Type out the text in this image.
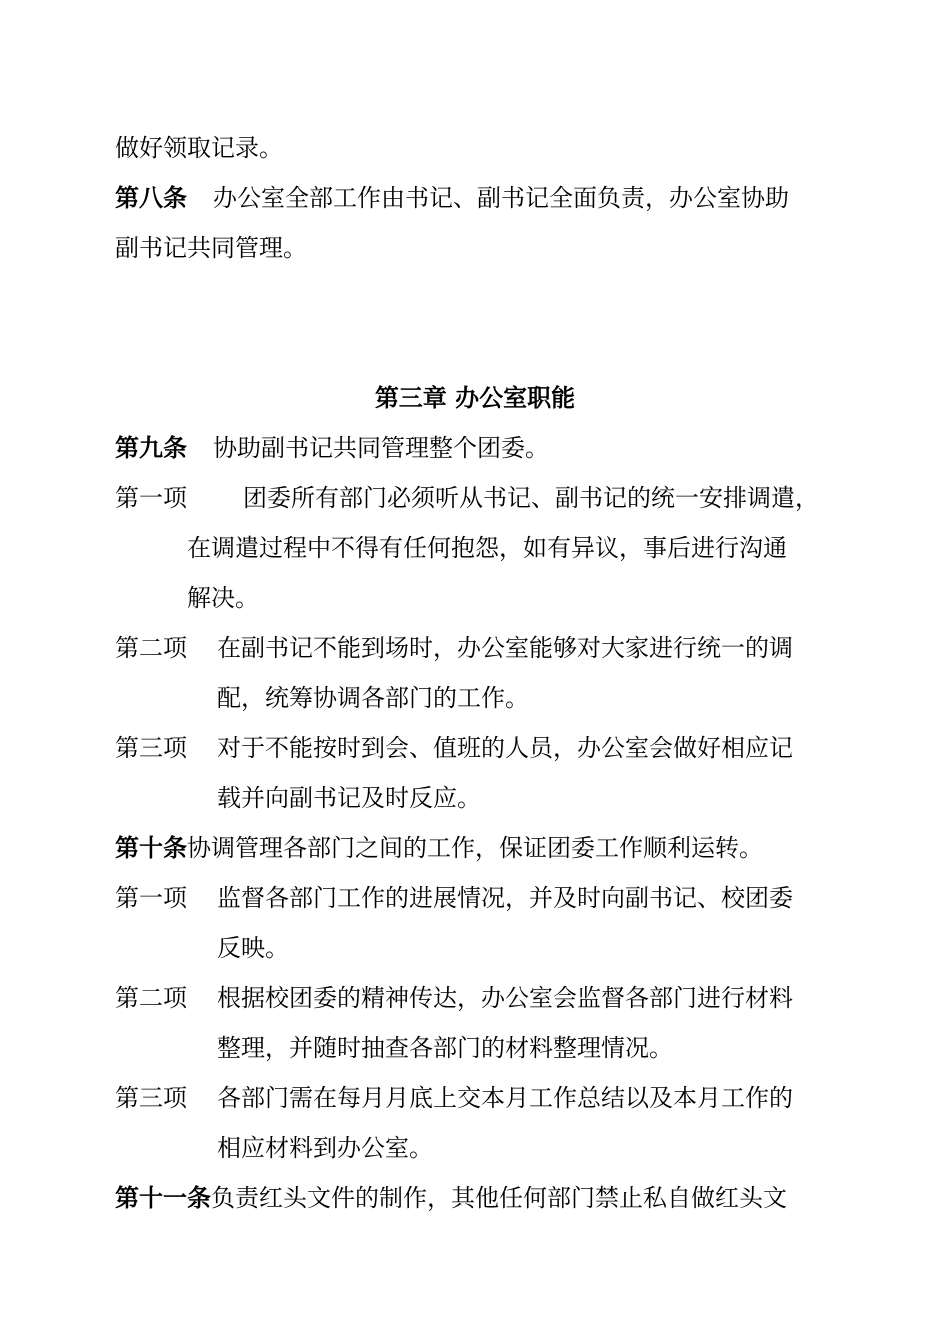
做好领取记录。
第八条 办公室全部工作由书记、副书记全面负责，办公室协助
副书记共同管理。
第三章 办公室职能
第九条 协助副书记共同管理整个团委。
第一项 团委所有部门必须听从书记、副书记的统一安排调遣，
在调遣过程中不得有任何抱怨，如有异议，事后进行沟通
解决。
第二项 在副书记不能到场时，办公室能够对大家进行统一的调
配，统筹协调各部门的工作。
第三项 对于不能按时到会、值班的人员，办公室会做好相应记
载并向副书记及时反应。
第十条协调管理各部门之间的工作，保证团委工作顺利运转。
第一项 监督各部门工作的进展情况，并及时向副书记、校团委
反映。
第二项 根据校团委的精神传达，办公室会监督各部门进行材料
整理，并随时抽查各部门的材料整理情况。
第三项 各部门需在每月月底上交本月工作总结以及本月工作的
相应材料到办公室。
第十一条负责红头文件的制作，其他任何部门禁止私自做红头文
